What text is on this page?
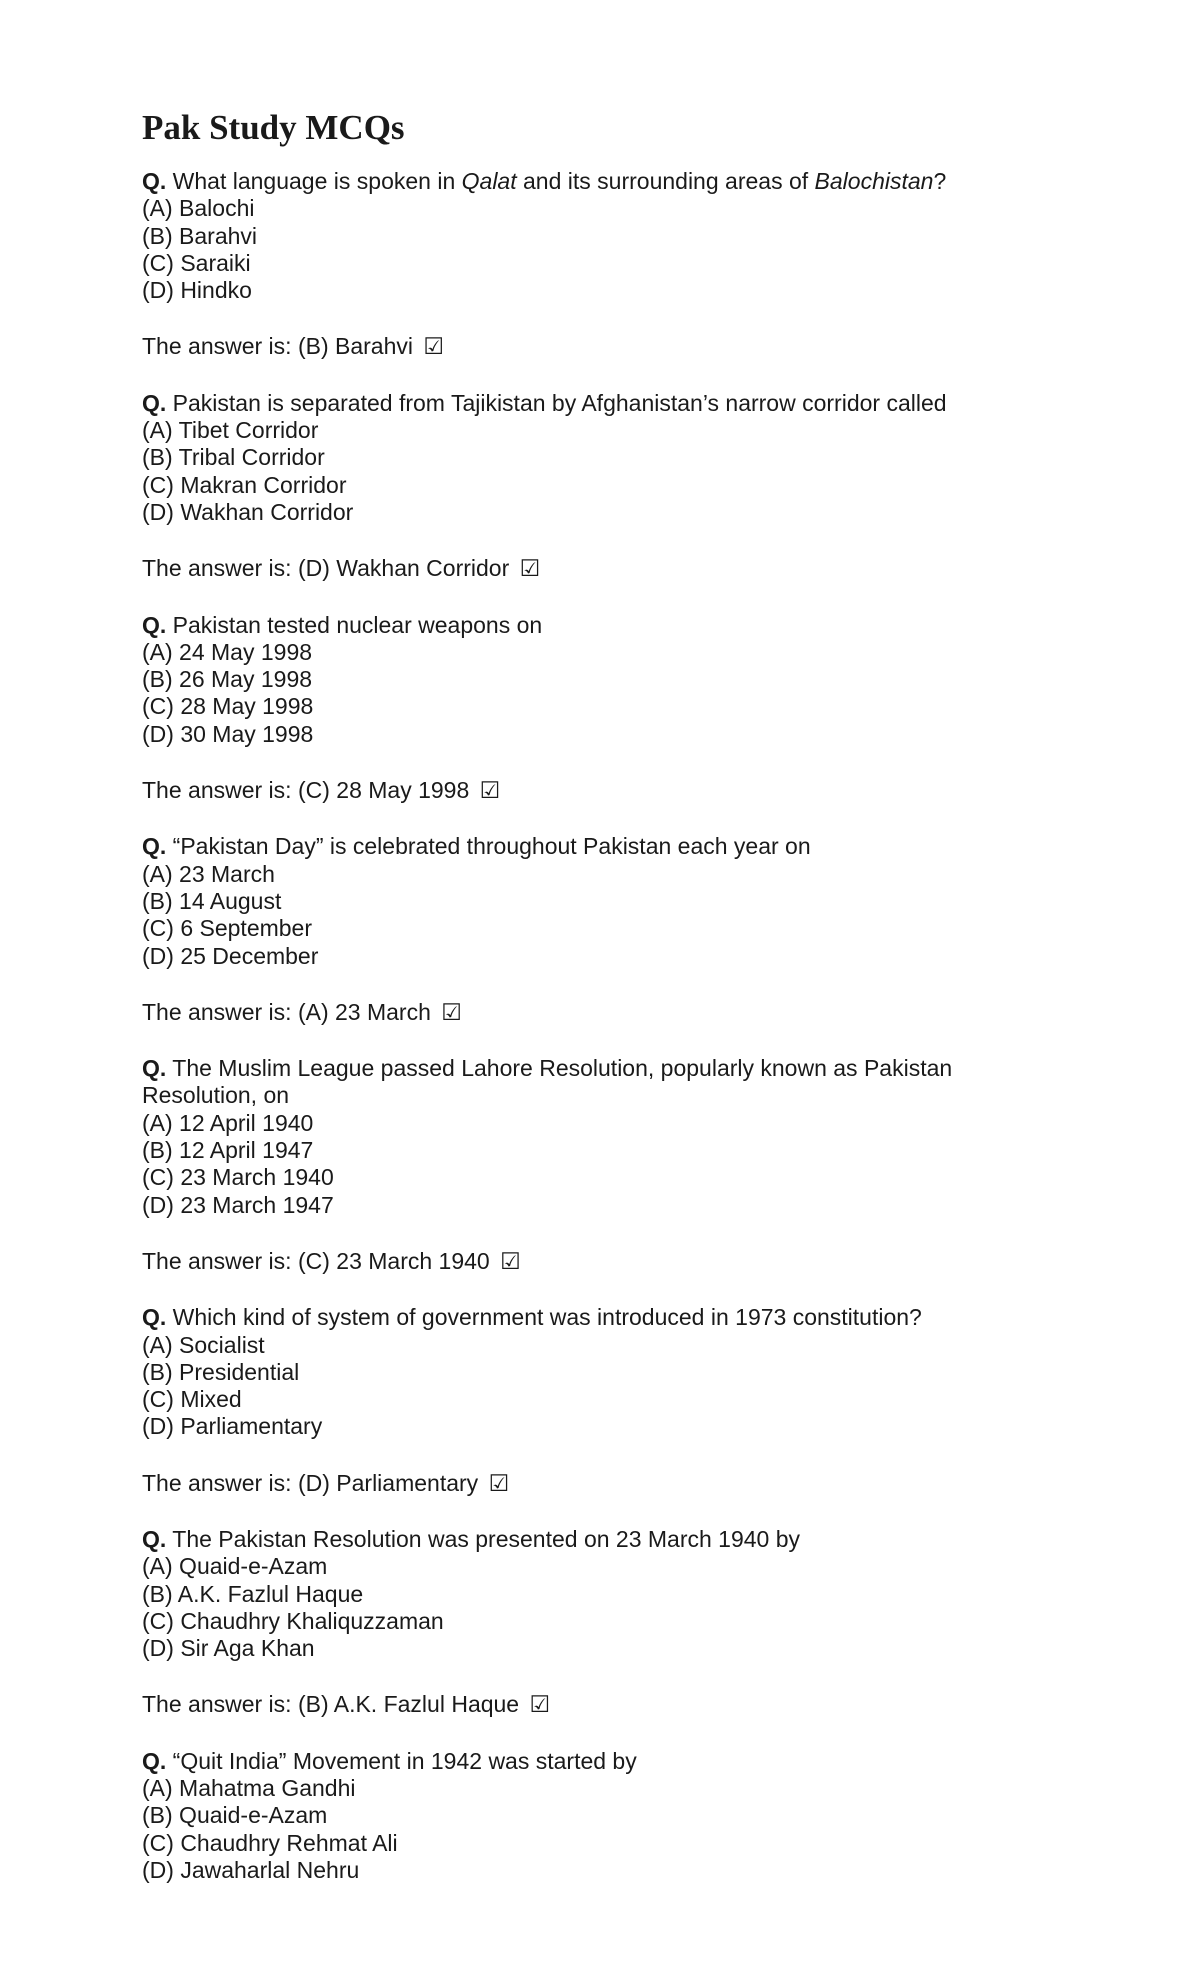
Pak Study MCQs

Q. What language is spoken in Qalat and its surrounding areas of Balochistan?

(A) Balochi

(B) Barahvi

(C) Saraiki

(D) Hindko

The answer is: (B) Barahvi ☑

Q. Pakistan is separated from Tajikistan by Afghanistan’s narrow corridor called

(A) Tibet Corridor

(B) Tribal Corridor

(C) Makran Corridor

(D) Wakhan Corridor

The answer is: (D) Wakhan Corridor ☑

Q. Pakistan tested nuclear weapons on

(A) 24 May 1998

(B) 26 May 1998

(C) 28 May 1998

(D) 30 May 1998

The answer is: (C) 28 May 1998 ☑

Q. “Pakistan Day” is celebrated throughout Pakistan each year on

(A) 23 March

(B) 14 August

(C) 6 September

(D) 25 December

The answer is: (A) 23 March ☑

Q. The Muslim League passed Lahore Resolution, popularly known as Pakistan

Resolution, on

(A) 12 April 1940

(B) 12 April 1947

(C) 23 March 1940

(D) 23 March 1947

The answer is: (C) 23 March 1940 ☑

Q. Which kind of system of government was introduced in 1973 constitution?

(A) Socialist

(B) Presidential

(C) Mixed

(D) Parliamentary

The answer is: (D) Parliamentary ☑

Q. The Pakistan Resolution was presented on 23 March 1940 by

(A) Quaid-e-Azam

(B) A.K. Fazlul Haque

(C) Chaudhry Khaliquzzaman

(D) Sir Aga Khan

The answer is: (B) A.K. Fazlul Haque ☑

Q. “Quit India” Movement in 1942 was started by

(A) Mahatma Gandhi

(B) Quaid-e-Azam

(C) Chaudhry Rehmat Ali

(D) Jawaharlal Nehru
